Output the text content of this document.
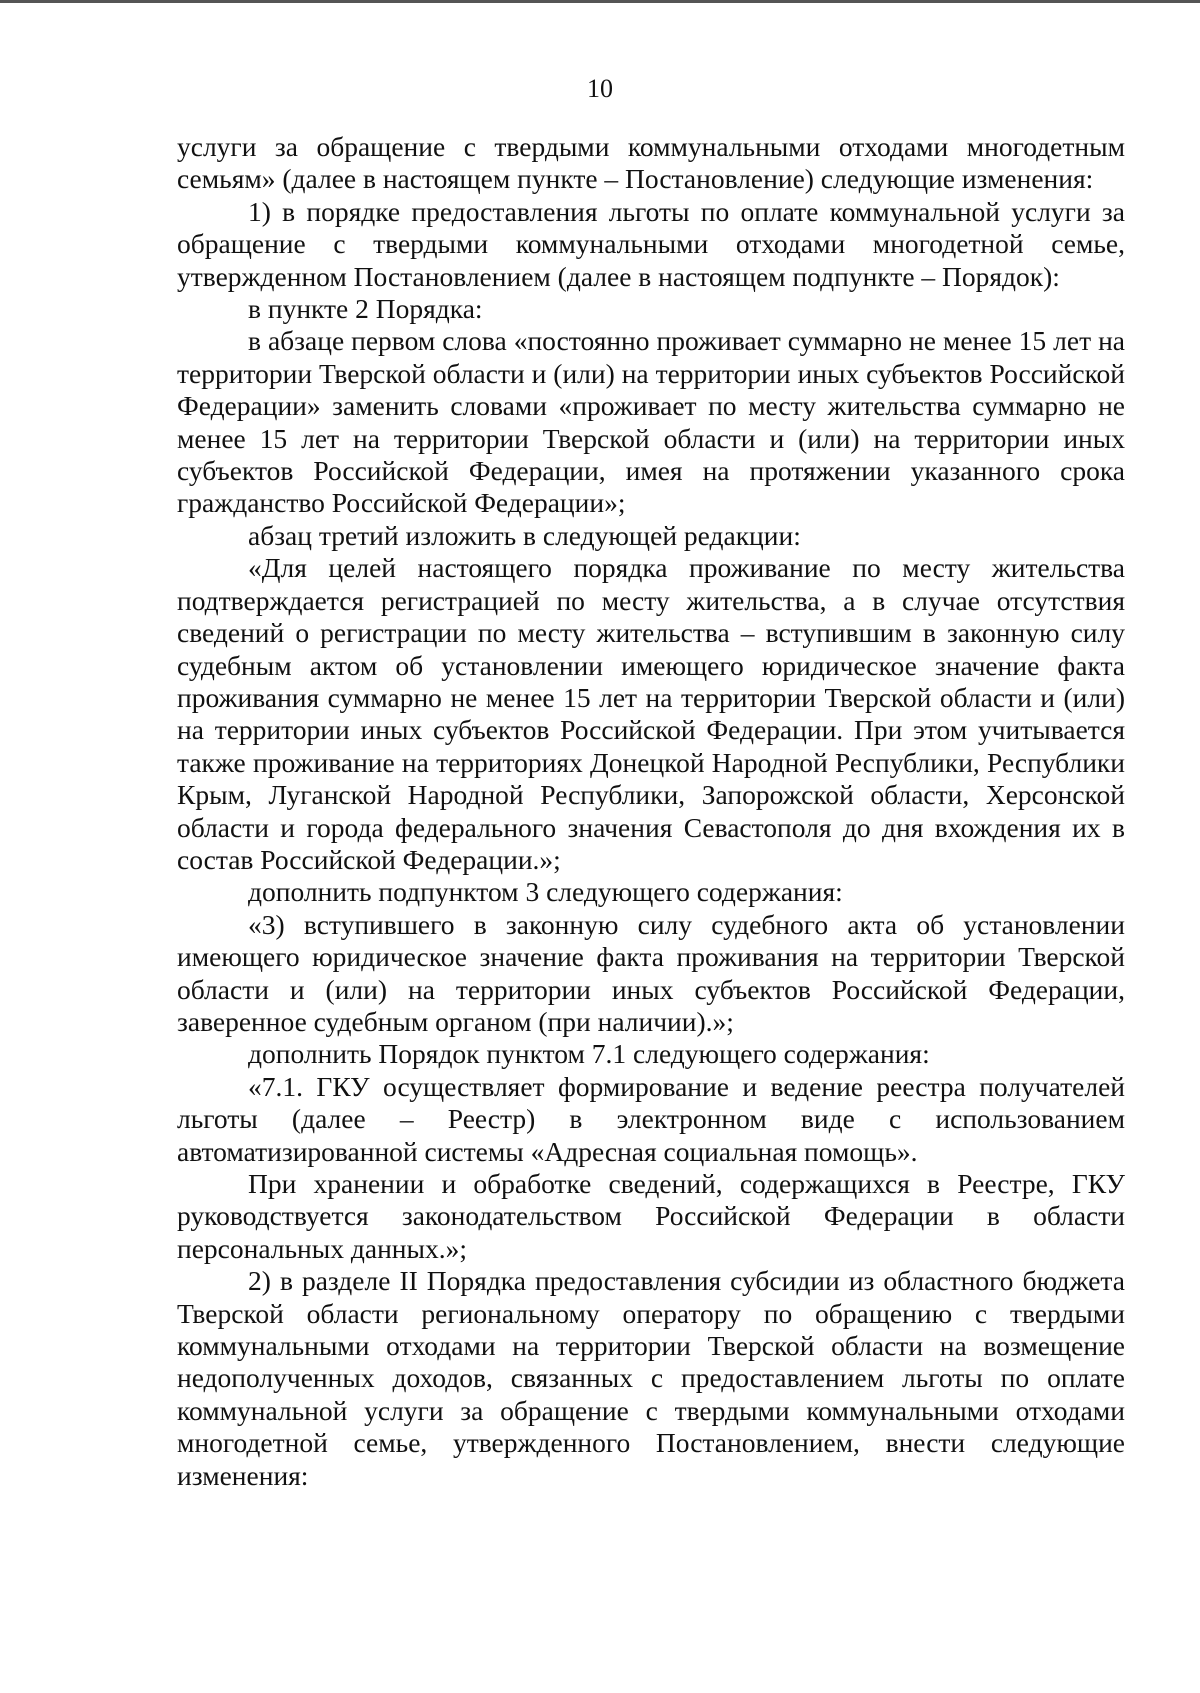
10

услуги за обращение с твердыми коммунальными отходами многодетным семьям» (далее в настоящем пункте – Постановление) следующие изменения:

1) в порядке предоставления льготы по оплате коммунальной услуги за обращение с твердыми коммунальными отходами многодетной семье, утвержденном Постановлением (далее в настоящем подпункте – Порядок):

в пункте 2 Порядка:

в абзаце первом слова «постоянно проживает суммарно не менее 15 лет на территории Тверской области и (или) на территории иных субъектов Российской Федерации» заменить словами «проживает по месту жительства суммарно не менее 15 лет на территории Тверской области и (или) на территории иных субъектов Российской Федерации, имея на протяжении указанного срока гражданство Российской Федерации»;

абзац третий изложить в следующей редакции:

«Для целей настоящего порядка проживание по месту жительства подтверждается регистрацией по месту жительства, а в случае отсутствия сведений о регистрации по месту жительства – вступившим в законную силу судебным актом об установлении имеющего юридическое значение факта проживания суммарно не менее 15 лет на территории Тверской области и (или) на территории иных субъектов Российской Федерации. При этом учитывается также проживание на территориях Донецкой Народной Республики, Республики Крым, Луганской Народной Республики, Запорожской области, Херсонской области и города федерального значения Севастополя до дня вхождения их в состав Российской Федерации.»;

дополнить подпунктом 3 следующего содержания:

«3) вступившего в законную силу судебного акта об установлении имеющего юридическое значение факта проживания на территории Тверской области и (или) на территории иных субъектов Российской Федерации, заверенное судебным органом (при наличии).»;

дополнить Порядок пунктом 7.1 следующего содержания:

«7.1. ГКУ осуществляет формирование и ведение реестра получателей льготы (далее – Реестр) в электронном виде с использованием автоматизированной системы «Адресная социальная помощь».

При хранении и обработке сведений, содержащихся в Реестре, ГКУ руководствуется законодательством Российской Федерации в области персональных данных.»;

2) в разделе II Порядка предоставления субсидии из областного бюджета Тверской области региональному оператору по обращению с твердыми коммунальными отходами на территории Тверской области на возмещение недополученных доходов, связанных с предоставлением льготы по оплате коммунальной услуги за обращение с твердыми коммунальными отходами многодетной семье, утвержденного Постановлением, внести следующие изменения:
